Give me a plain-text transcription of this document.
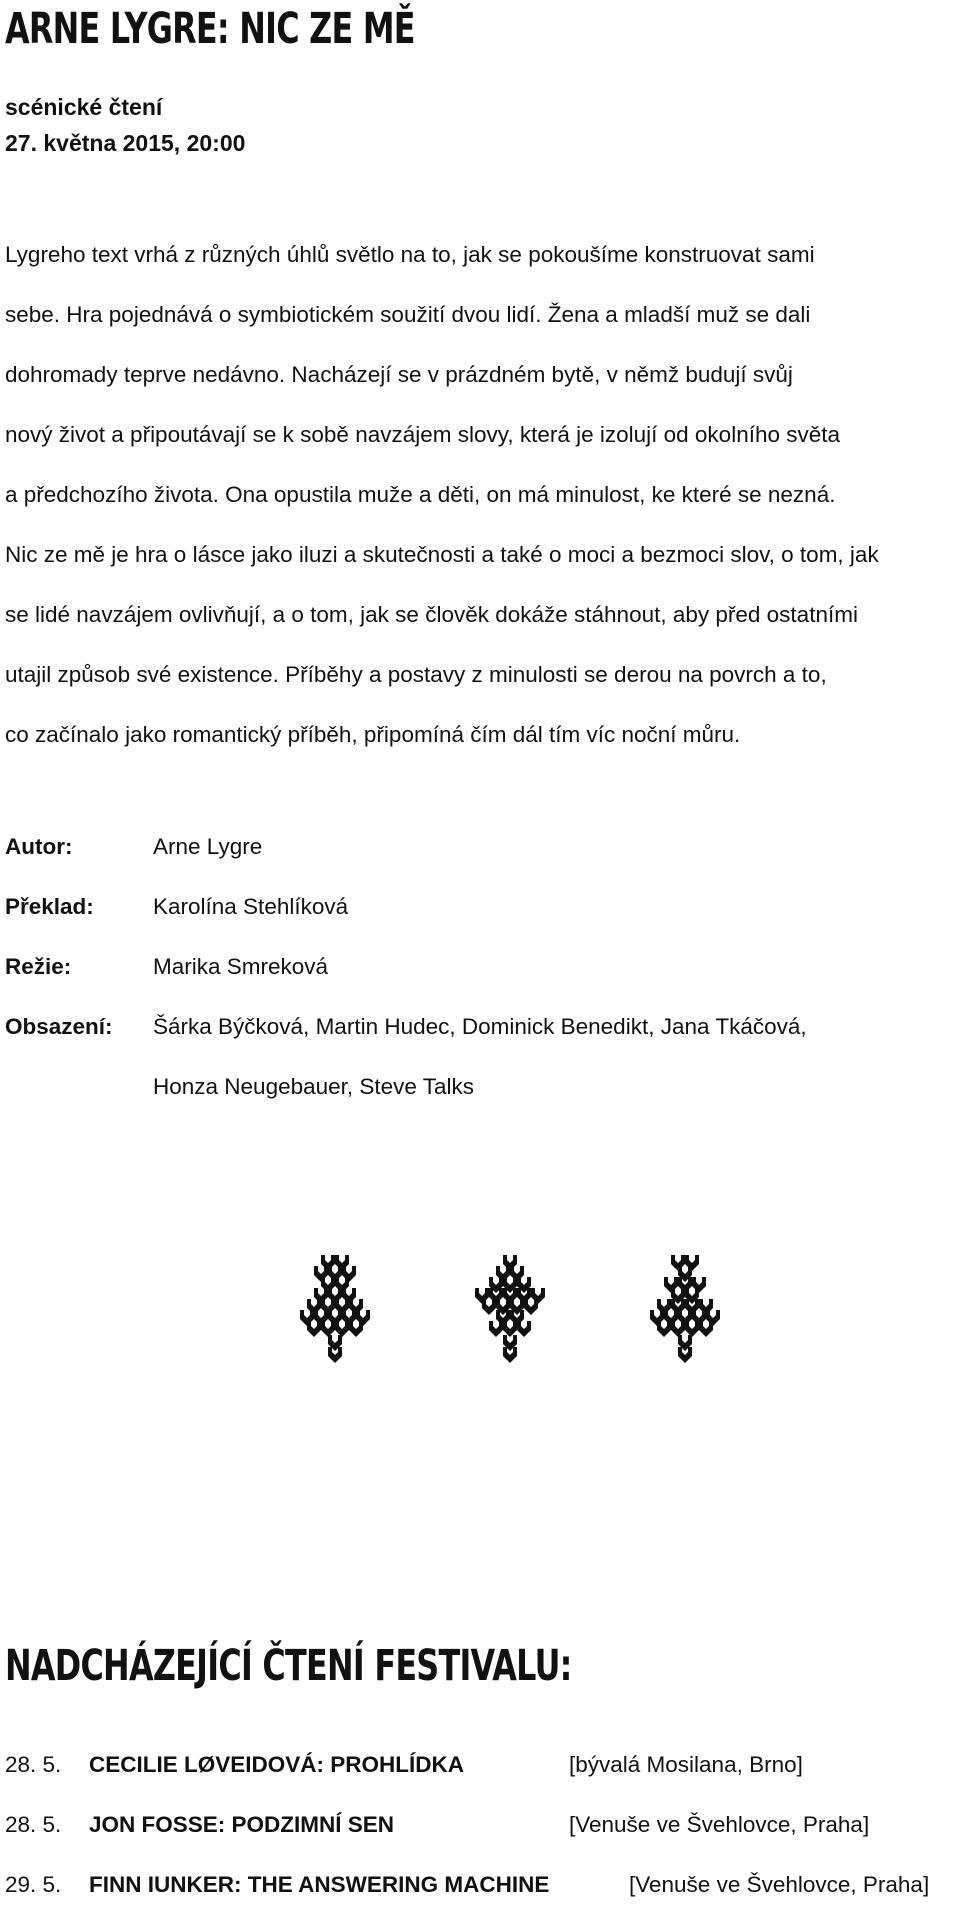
ARNE LYGRE: NIC ZE MĚ
scénické čtení
27. května 2015, 20:00

Lygreho text vrhá z různých úhlů světlo na to, jak se pokoušíme konstruovat sami
sebe. Hra pojednává o symbiotickém soužití dvou lidí. Žena a mladší muž se dali
dohromady teprve nedávno. Nacházejí se v prázdném bytě, v němž budují svůj
nový život a připoutávají se k sobě navzájem slovy, která je izolují od okolního světa
a předchozího života. Ona opustila muže a děti, on má minulost, ke které se nezná.
Nic ze mě je hra o lásce jako iluzi a skutečnosti a také o moci a bezmoci slov, o tom, jak
se lidé navzájem ovlivňují, a o tom, jak se člověk dokáže stáhnout, aby před ostatními
utajil způsob své existence. Příběhy a postavy z minulosti se derou na povrch a to,
co začínalo jako romantický příběh, připomíná čím dál tím víc noční můru.

Autor:	Arne Lygre
Překlad:	Karolína Stehlíková
Režie:	Marika Smreková
Obsazení: Šárka Býčková, Martin Hudec, Dominick Benedikt, Jana Tkáčová,
Honza Neugebauer, Steve Talks
NADCHÁZEJÍCÍ ČTENÍ FESTIVALU:
28. 5. CECILIE LØVEIDOVÁ: PROHLÍDKA	[bývalá Mosilana, Brno]
28. 5. JON FOSSE: PODZIMNÍ SEN	[Venuše ve Švehlovce, Praha]
29. 5. FINN IUNKER: THE ANSWERING MACHINE	[Venuše ve Švehlovce, Praha]
